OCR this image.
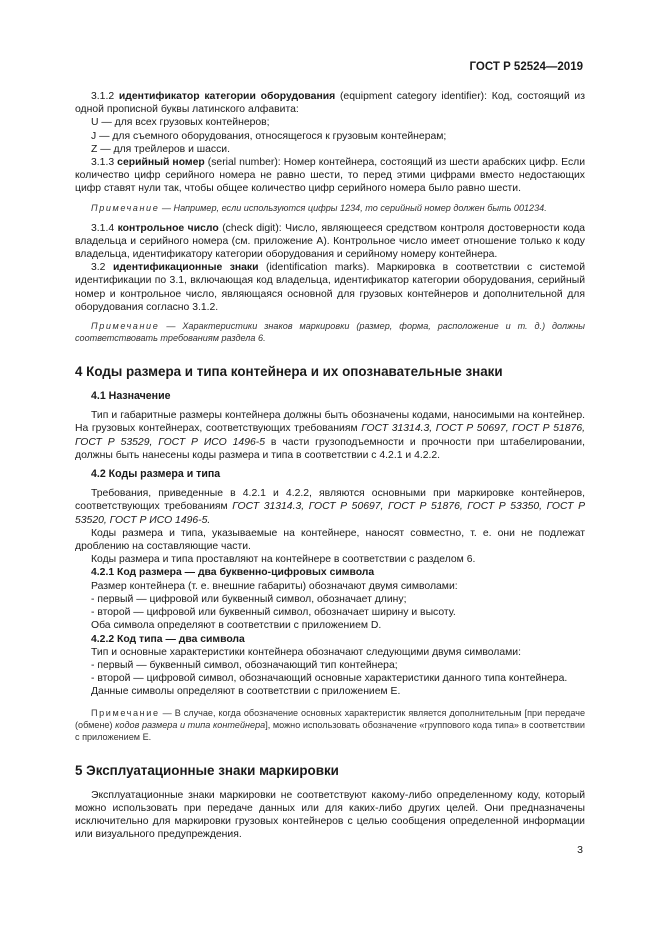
ГОСТ Р 52524—2019

3.1.2 идентификатор категории оборудования (equipment category identifier): Код, состоящий из одной прописной буквы латинского алфавита:

U — для всех грузовых контейнеров;

J — для съемного оборудования, относящегося к грузовым контейнерам;

Z — для трейлеров и шасси.

3.1.3 серийный номер (serial number): Номер контейнера, состоящий из шести арабских цифр. Если количество цифр серийного номера не равно шести, то перед этими цифрами вместо недостающих цифр ставят нули так, чтобы общее количество цифр серийного номера было равно шести.

Примечание — Например, если используются цифры 1234, то серийный номер должен быть 001234.

3.1.4 контрольное число (check digit): Число, являющееся средством контроля достоверности кода владельца и серийного номера (см. приложение А). Контрольное число имеет отношение только к коду владельца, идентификатору категории оборудования и серийному номеру контейнера.

3.2 идентификационные знаки (identification marks). Маркировка в соответствии с системой идентификации по 3.1, включающая код владельца, идентификатор категории оборудования, серийный номер и контрольное число, являющаяся основной для грузовых контейнеров и дополнительной для оборудования согласно 3.1.2.

Примечание — Характеристики знаков маркировки (размер, форма, расположение и т. д.) должны соответствовать требованиям раздела 6.

4 Коды размера и типа контейнера и их опознавательные знаки
4.1 Назначение

Тип и габаритные размеры контейнера должны быть обозначены кодами, наносимыми на контейнер. На грузовых контейнерах, соответствующих требованиям ГОСТ 31314.3, ГОСТ Р 50697, ГОСТ Р 51876, ГОСТ Р 53529, ГОСТ Р ИСО 1496-5 в части грузоподъемности и прочности при штабелировании, должны быть нанесены коды размера и типа в соответствии с 4.2.1 и 4.2.2.

4.2 Коды размера и типа

Требования, приведенные в 4.2.1 и 4.2.2, являются основными при маркировке контейнеров, соответствующих требованиям ГОСТ 31314.3, ГОСТ Р 50697, ГОСТ Р 51876, ГОСТ Р 53350, ГОСТ Р 53520, ГОСТ Р ИСО 1496-5.

Коды размера и типа, указываемые на контейнере, наносят совместно, т. е. они не подлежат дроблению на составляющие части.

Коды размера и типа проставляют на контейнере в соответствии с разделом 6.

4.2.1 Код размера — два буквенно-цифровых символа

Размер контейнера (т. е. внешние габариты) обозначают двумя символами:

- первый — цифровой или буквенный символ, обозначает длину;

- второй — цифровой или буквенный символ, обозначает ширину и высоту.

Оба символа определяют в соответствии с приложением D.

4.2.2 Код типа — два символа

Тип и основные характеристики контейнера обозначают следующими двумя символами:

- первый — буквенный символ, обозначающий тип контейнера;

- второй — цифровой символ, обозначающий основные характеристики данного типа контейнера.

Данные символы определяют в соответствии с приложением Е.

Примечание — В случае, когда обозначение основных характеристик является дополнительным [при передаче (обмене) кодов размера и типа контейнера], можно использовать обозначение «группового кода типа» в соответствии с приложением Е.

5 Эксплуатационные знаки маркировки

Эксплуатационные знаки маркировки не соответствуют какому-либо определенному коду, который можно использовать при передаче данных или для каких-либо других целей. Они предназначены исключительно для маркировки грузовых контейнеров с целью сообщения определенной информации или визуального предупреждения.

3
